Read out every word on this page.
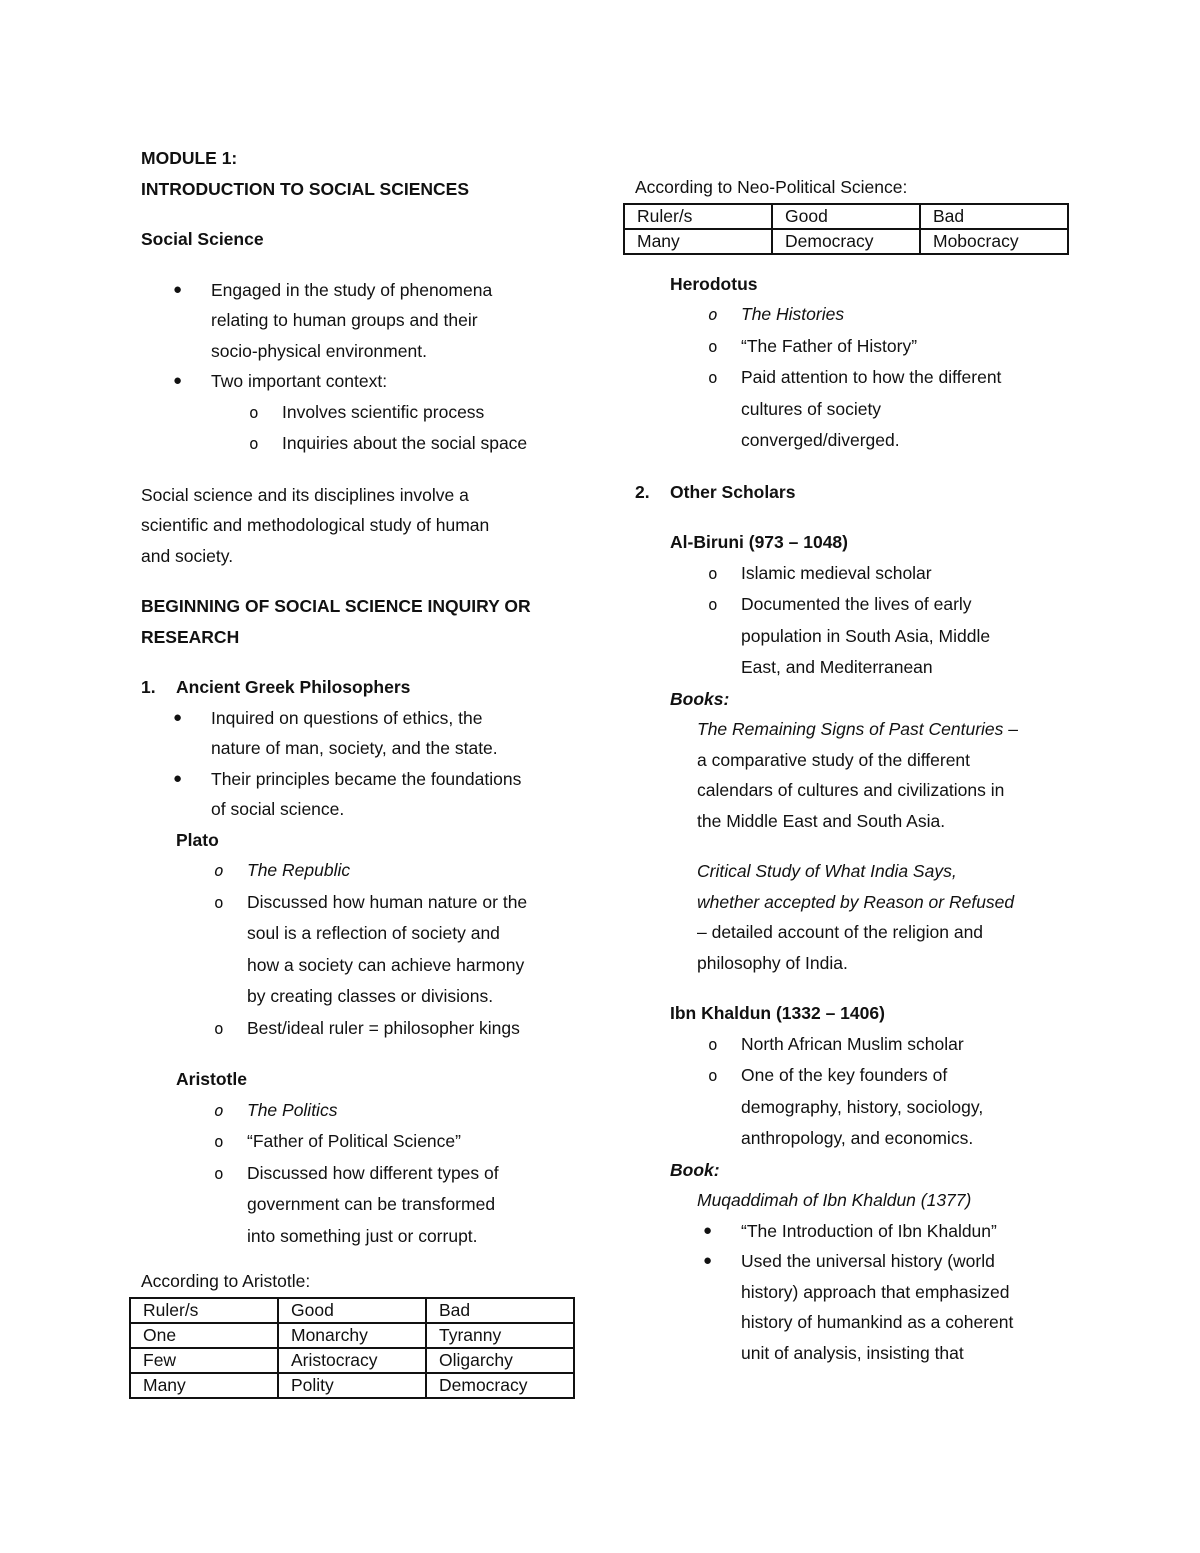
MODULE 1:
INTRODUCTION TO SOCIAL SCIENCES
Social Science
● Engaged in the study of phenomena
relating to human groups and their
socio-physical environment.
● Two important context:
o Involves scientific process
o Inquiries about the social space
Social science and its disciplines involve a
scientific and methodological study of human
and society.
BEGINNING OF SOCIAL SCIENCE INQUIRY OR
RESEARCH
1. Ancient Greek Philosophers
● Inquired on questions of ethics, the
nature of man, society, and the state.
● Their principles became the foundations
of social science.
Plato
o The Republic
o Discussed how human nature or the
soul is a reflection of society and
how a society can achieve harmony
by creating classes or divisions.
o Best/ideal ruler = philosopher kings
Aristotle
o The Politics
o “Father of Political Science”
o Discussed how different types of
government can be transformed
into something just or corrupt.
According to Aristotle:
Ruler/s	Good	Bad
One	Monarchy	Tyranny
Few	Aristocracy	Oligarchy
Many	Polity	Democracy
According to Neo-Political Science:
Ruler/s	Good	Bad
Many	Democracy	Mobocracy
Herodotus
o The Histories
o “The Father of History”
o Paid attention to how the different
cultures of society
converged/diverged.
2. Other Scholars
Al-Biruni (973 – 1048)
o Islamic medieval scholar
o Documented the lives of early
population in South Asia, Middle
East, and Mediterranean
Books:
The Remaining Signs of Past Centuries –
a comparative study of the different
calendars of cultures and civilizations in
the Middle East and South Asia.
Critical Study of What India Says,
whether accepted by Reason or Refused
– detailed account of the religion and
philosophy of India.
Ibn Khaldun (1332 – 1406)
o North African Muslim scholar
o One of the key founders of
demography, history, sociology,
anthropology, and economics.
Book:
Muqaddimah of Ibn Khaldun (1377)
● “The Introduction of Ibn Khaldun”
● Used the universal history (world
history) approach that emphasized
history of humankind as a coherent
unit of analysis, insisting that
